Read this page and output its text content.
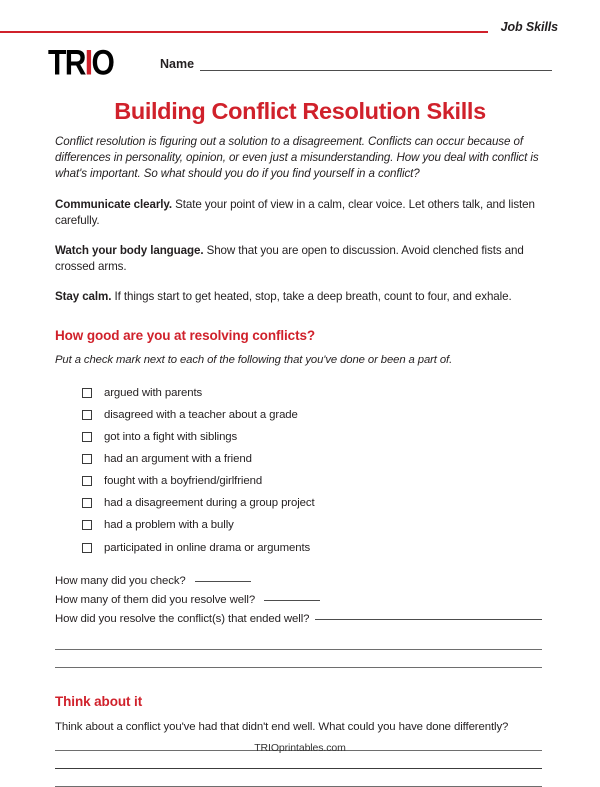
Job Skills
TRIO	Name
Building Conflict Resolution Skills

Conflict resolution is figuring out a solution to a disagreement. Conflicts can occur because of differences in personality, opinion, or even just a misunderstanding. How you deal with conflict is what's important. So what should you do if you find yourself in a conflict?

Communicate clearly. State your point of view in a calm, clear voice. Let others talk, and listen carefully.

Watch your body language. Show that you are open to discussion. Avoid clenched fists and crossed arms.

Stay calm. If things start to get heated, stop, take a deep breath, count to four, and exhale.

How good are you at resolving conflicts?

Put a check mark next to each of the following that you've done or been a part of.

argued with parents
disagreed with a teacher about a grade
got into a fight with siblings
had an argument with a friend
fought with a boyfriend/girlfriend
had a disagreement during a group project
had a problem with a bully
participated in online drama or arguments
How many did you check?
How many of them did you resolve well?
How did you resolve the conflict(s) that ended well?
Think about it

Think about a conflict you've had that didn't end well. What could you have done differently?

TRIOprintables.com
